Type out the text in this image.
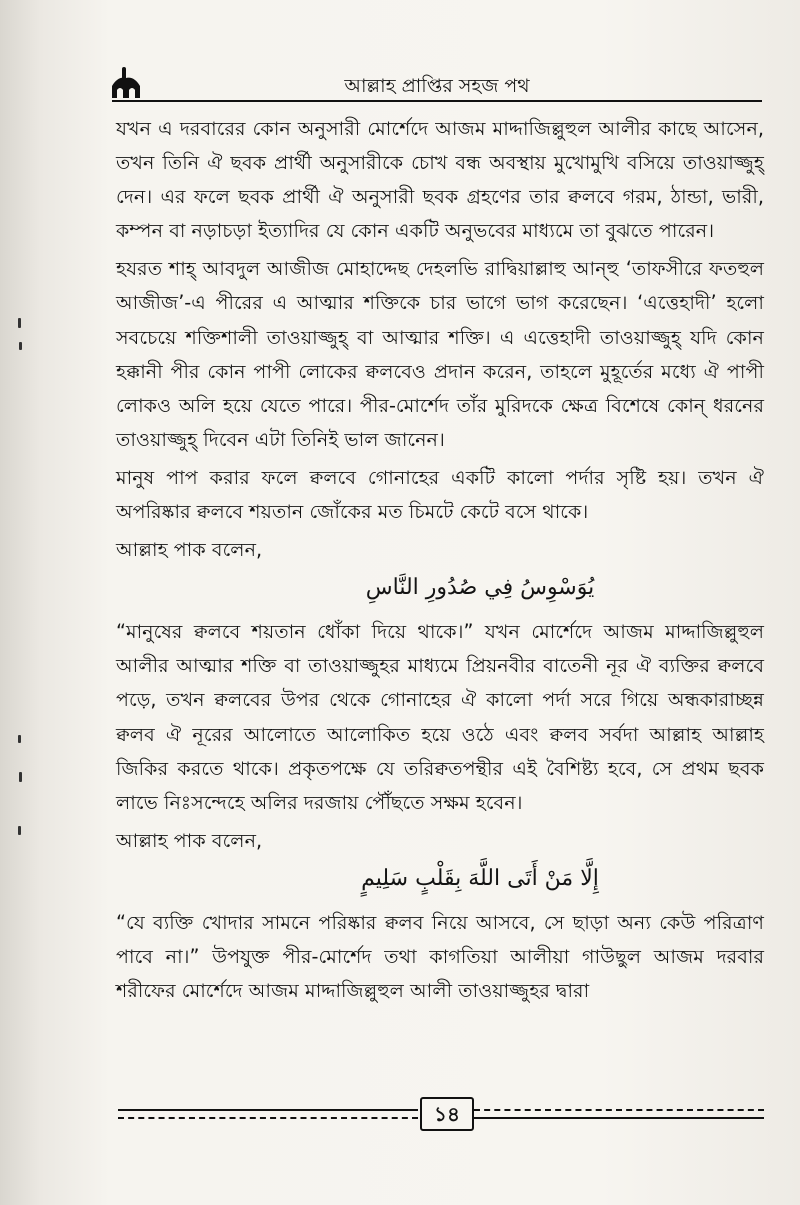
আল্লাহ প্রাপ্তির সহজ পথ

যখন এ দরবারের কোন অনুসারী মোর্শেদে আজম মাদ্দাজিল্লুহুল আলীর কাছে আসেন, তখন তিনি ঐ ছবক প্রার্থী অনুসারীকে চোখ বন্ধ অবস্থায় মুখোমুখি বসিয়ে তাওয়াজ্জুহ্ দেন। এর ফলে ছবক প্রার্থী ঐ অনুসারী ছবক গ্রহণের তার ক্বলবে গরম, ঠান্ডা, ভারী, কম্পন বা নড়াচড়া ইত্যাদির যে কোন একটি অনুভবের মাধ্যমে তা বুঝতে পারেন।

হযরত শাহ্ আবদুল আজীজ মোহাদ্দেছ দেহলভি রাদ্বিয়াল্লাহু আন্হু ‘তাফসীরে ফতহুল আজীজ’-এ পীরের এ আত্মার শক্তিকে চার ভাগে ভাগ করেছেন। ‘এত্তেহাদী’ হলো সবচেয়ে শক্তিশালী তাওয়াজ্জুহ্ বা আত্মার শক্তি। এ এত্তেহাদী তাওয়াজ্জুহ্ যদি কোন হক্কানী পীর কোন পাপী লোকের ক্বলবেও প্রদান করেন, তাহলে মুহূর্তের মধ্যে ঐ পাপী লোকও অলি হয়ে যেতে পারে। পীর-মোর্শেদ তাঁর মুরিদকে ক্ষেত্র বিশেষে কোন্ ধরনের তাওয়াজ্জুহ্ দিবেন এটা তিনিই ভাল জানেন।

মানুষ পাপ করার ফলে ক্বলবে গোনাহের একটি কালো পর্দার সৃষ্টি হয়। তখন ঐ অপরিষ্কার ক্বলবে শয়তান জোঁকের মত চিমটে কেটে বসে থাকে।

আল্লাহ পাক বলেন,

يُوَسْوِسُ فِي صُدُورِ النَّاسِ

“মানুষের ক্বলবে শয়তান ধোঁকা দিয়ে থাকে।” যখন মোর্শেদে আজম মাদ্দাজিল্লুহুল আলীর আত্মার শক্তি বা তাওয়াজ্জুহর মাধ্যমে প্রিয়নবীর বাতেনী নূর ঐ ব্যক্তির ক্বলবে পড়ে, তখন ক্বলবের উপর থেকে গোনাহের ঐ কালো পর্দা সরে গিয়ে অন্ধকারাচ্ছন্ন ক্বলব ঐ নূরের আলোতে আলোকিত হয়ে ওঠে এবং ক্বলব সর্বদা আল্লাহ আল্লাহ জিকির করতে থাকে। প্রকৃতপক্ষে যে তরিক্বতপন্থীর এই বৈশিষ্ট্য হবে, সে প্রথম ছবক লাভে নিঃসন্দেহে অলির দরজায় পৌঁছতে সক্ষম হবেন।

আল্লাহ পাক বলেন,

إِلَّا مَنْ أَتَى اللَّهَ بِقَلْبٍ سَلِيمٍ

“যে ব্যক্তি খোদার সামনে পরিষ্কার ক্বলব নিয়ে আসবে, সে ছাড়া অন্য কেউ পরিত্রাণ পাবে না।” উপযুক্ত পীর-মোর্শেদ তথা কাগতিয়া আলীয়া গাউছুল আজম দরবার শরীফের মোর্শেদে আজম মাদ্দাজিল্লুহুল আলী তাওয়াজ্জুহর দ্বারা

১৪
